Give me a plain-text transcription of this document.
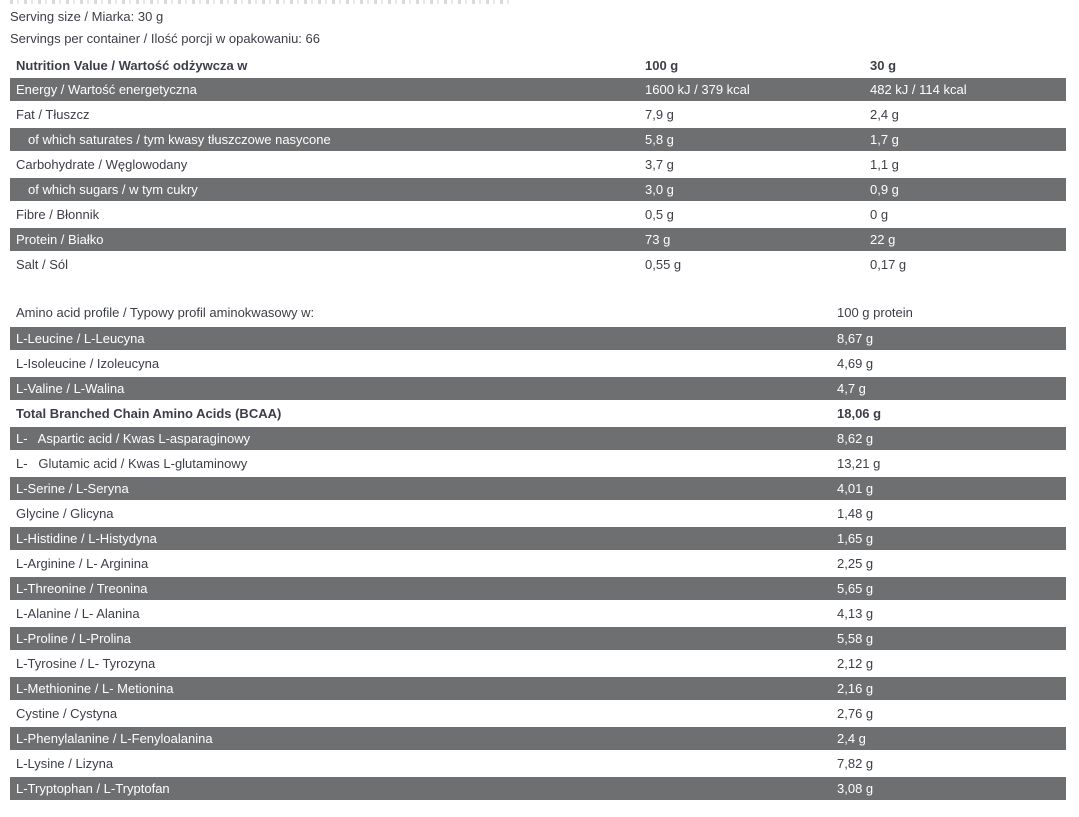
Serving size / Miarka: 30 g
Servings per container / Ilość porcji w opakowaniu: 66
Nutrition Value / Wartość odżywcza w	100 g	30 g
Energy / Wartość energetyczna	1600 kJ / 379 kcal	482 kJ / 114 kcal
Fat / Tłuszcz	7,9 g	2,4 g
of which saturates / tym kwasy tłuszczowe nasycone	5,8 g	1,7 g
Carbohydrate / Węglowodany	3,7 g	1,1 g
of which sugars / w tym cukry	3,0 g	0,9 g
Fibre / Błonnik	0,5 g	0 g
Protein / Białko	73 g	22 g
Salt / Sól	0,55 g	0,17 g
Amino acid profile / Typowy profil aminokwasowy w:	100 g protein
L-Leucine / L-Leucyna	8,67 g
L-Isoleucine / Izoleucyna	4,69 g
L-Valine / L-Walina	4,7 g
Total Branched Chain Amino Acids (BCAA)	18,06 g
L-   Aspartic acid / Kwas L-asparaginowy	8,62 g
L-   Glutamic acid / Kwas L-glutaminowy	13,21 g
L-Serine / L-Seryna	4,01 g
Glycine / Glicyna	1,48 g
L-Histidine / L-Histydyna	1,65 g
L-Arginine / L- Arginina	2,25 g
L-Threonine / Treonina	5,65 g
L-Alanine / L- Alanina	4,13 g
L-Proline / L-Prolina	5,58 g
L-Tyrosine / L- Tyrozyna	2,12 g
L-Methionine / L- Metionina	2,16 g
Cystine / Cystyna	2,76 g
L-Phenylalanine / L-Fenyloalanina	2,4 g
L-Lysine / Lizyna	7,82 g
L-Tryptophan / L-Tryptofan	3,08 g
